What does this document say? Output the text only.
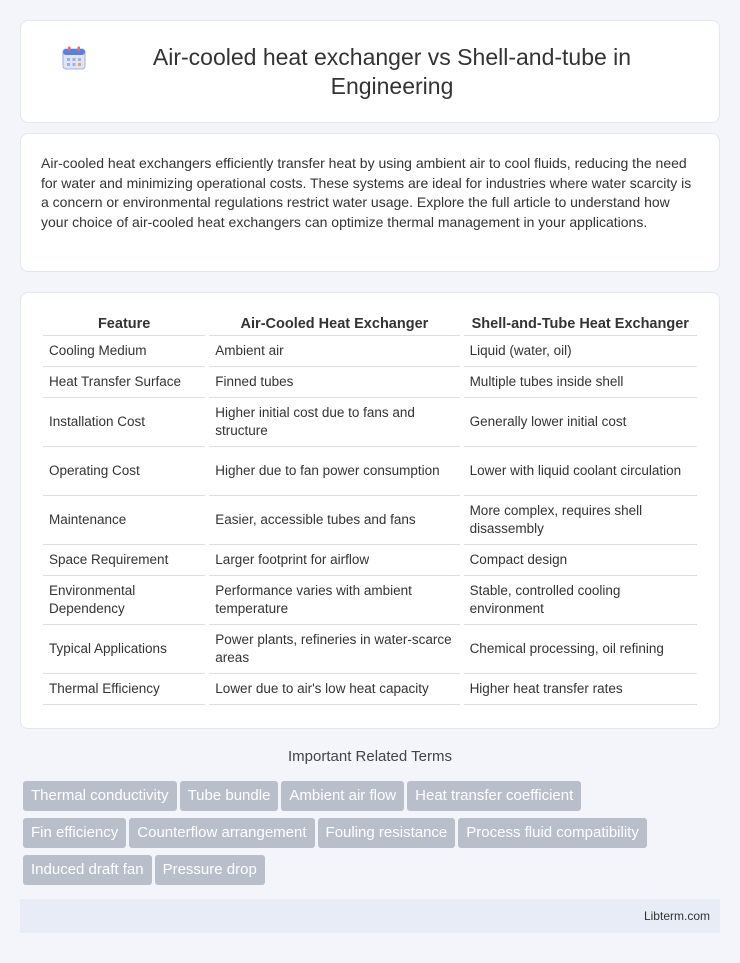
Air-cooled heat exchanger vs Shell-and-tube in Engineering

Air-cooled heat exchangers efficiently transfer heat by using ambient air to cool fluids, reducing the need for water and minimizing operational costs. These systems are ideal for industries where water scarcity is a concern or environmental regulations restrict water usage. Explore the full article to understand how your choice of air-cooled heat exchangers can optimize thermal management in your applications.

Feature	Air-Cooled Heat Exchanger	Shell-and-Tube Heat Exchanger
Cooling Medium	Ambient air	Liquid (water, oil)
Heat Transfer Surface	Finned tubes	Multiple tubes inside shell
Installation Cost	Higher initial cost due to fans and structure	Generally lower initial cost
Operating Cost	Higher due to fan power consumption	Lower with liquid coolant circulation
Maintenance	Easier, accessible tubes and fans	More complex, requires shell disassembly
Space Requirement	Larger footprint for airflow	Compact design
Environmental Dependency	Performance varies with ambient temperature	Stable, controlled cooling environment
Typical Applications	Power plants, refineries in water-scarce areas	Chemical processing, oil refining
Thermal Efficiency	Lower due to air's low heat capacity	Higher heat transfer rates
Important Related Terms
Thermal conductivity Tube bundle Ambient air flow Heat transfer coefficient
Fin efficiency Counterflow arrangement Fouling resistance Process fluid compatibility
Induced draft fan Pressure drop
Libterm.com
